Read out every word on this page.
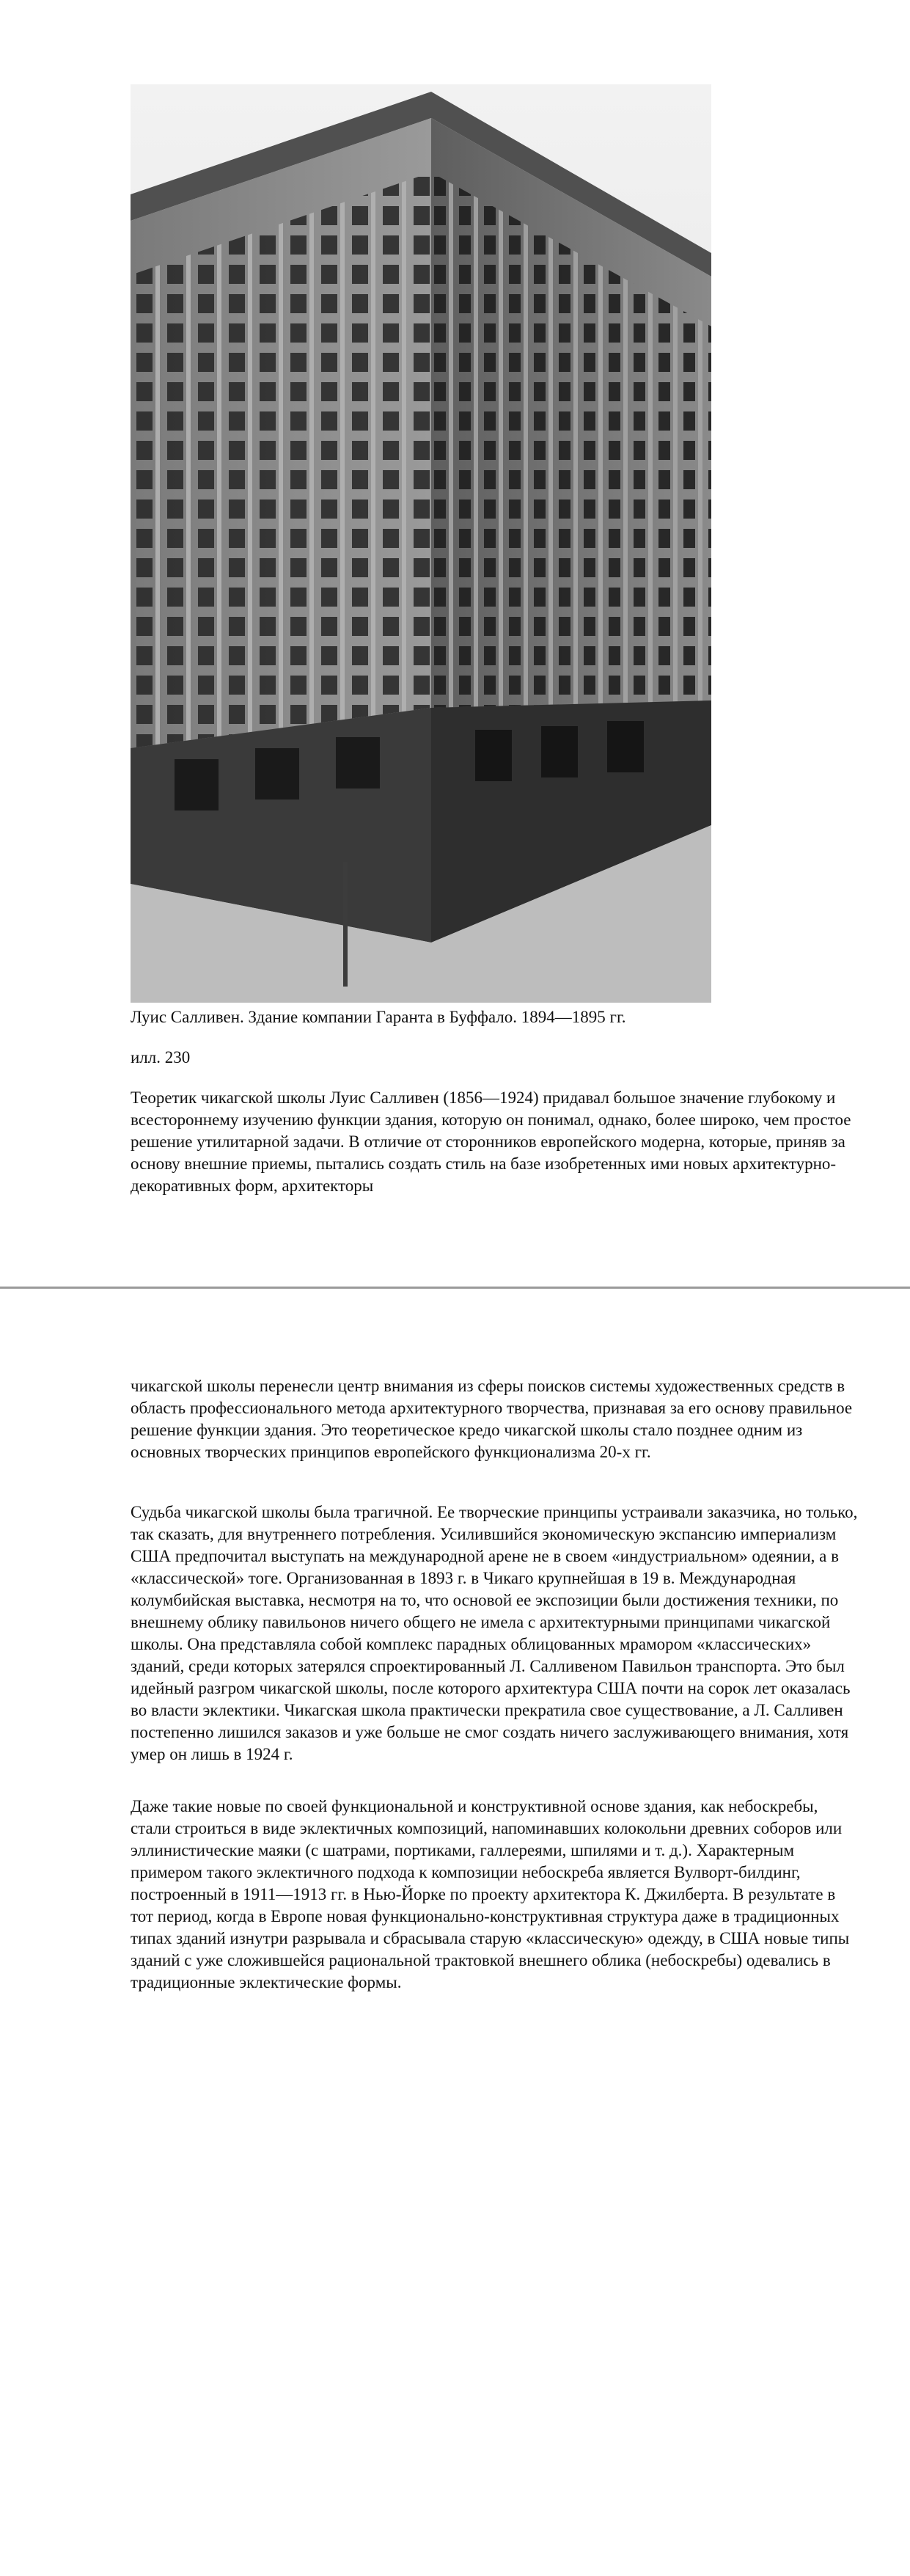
Луис Салливен. Здание компании Гаранта в Буффало. 1894—1895 гг.

илл. 230

Теоретик чикагской школы Луис Салливен (1856—1924) придавал большое значение глубокому и всестороннему изучению функции здания, которую он понимал, однако, более широко, чем простое решение утилитарной задачи. В отличие от сторонников европейского модерна, которые, приняв за основу внешние приемы, пытались создать стиль на базе изобретенных ими новых архитектурно-декоративных форм, архитекторы

чикагской школы перенесли центр внимания из сферы поисков системы художественных средств в область профессионального метода архитектурного творчества, признавая за его основу правильное решение функции здания. Это теоретическое кредо чикагской школы стало позднее одним из основных творческих принципов европейского функционализма 20-х гг.

Судьба чикагской школы была трагичной. Ее творческие принципы устраивали заказчика, но только, так сказать, для внутреннего потребления. Усилившийся экономическую экспансию империализм США предпочитал выступать на международной арене не в своем «индустриальном» одеянии, а в «классической» тоге. Организованная в 1893 г. в Чикаго крупнейшая в 19 в. Международная колумбийская выставка, несмотря на то, что основой ее экспозиции были достижения техники, по внешнему облику павильонов ничего общего не имела с архитектурными принципами чикагской школы. Она представляла собой комплекс парадных облицованных мрамором «классических» зданий, среди которых затерялся спроектированный Л. Салливеном Павильон транспорта. Это был идейный разгром чикагской школы, после которого архитектура США почти на сорок лет оказалась во власти эклектики. Чикагская школа практически прекратила свое существование, а Л. Салливен постепенно лишился заказов и уже больше не смог создать ничего заслуживающего внимания, хотя умер он лишь в 1924 г.

Даже такие новые по своей функциональной и конструктивной основе здания, как небоскребы, стали строиться в виде эклектичных композиций, напоминавших колокольни древних соборов или эллинистические маяки (с шатрами, портиками, галлереями, шпилями и т. д.). Характерным примером такого эклектичного подхода к композиции небоскреба является Вулворт-билдинг, построенный в 1911—1913 гг. в Нью-Йорке по проекту архитектора К. Джилберта. В результате в тот период, когда в Европе новая функционально-конструктивная структура даже в традиционных типах зданий изнутри разрывала и сбрасывала старую «классическую» одежду, в США новые типы зданий с уже сложившейся рациональной трактовкой внешнего облика (небоскребы) одевались в традиционные эклектические формы.
